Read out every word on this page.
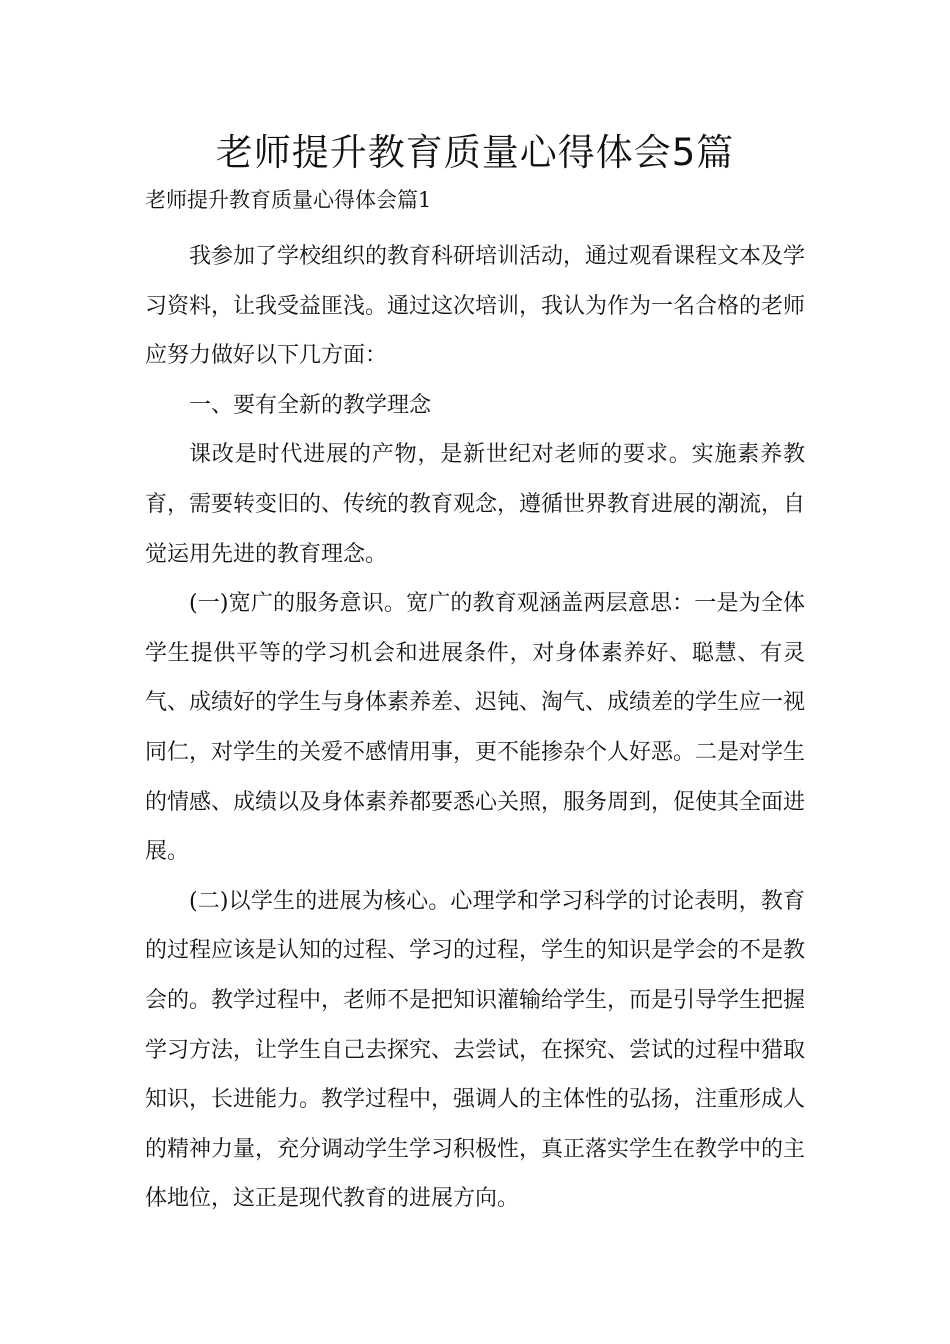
老师提升教育质量心得体会5篇

老师提升教育质量心得体会篇1

我参加了学校组织的教育科研培训活动，通过观看课程文本及学习资料，让我受益匪浅。通过这次培训，我认为作为一名合格的老师应努力做好以下几方面：

一、要有全新的教学理念

课改是时代进展的产物，是新世纪对老师的要求。实施素养教育，需要转变旧的、传统的教育观念，遵循世界教育进展的潮流，自觉运用先进的教育理念。

(一)宽广的服务意识。宽广的教育观涵盖两层意思：一是为全体学生提供平等的学习机会和进展条件，对身体素养好、聪慧、有灵气、成绩好的学生与身体素养差、迟钝、淘气、成绩差的学生应一视同仁，对学生的关爱不感情用事，更不能掺杂个人好恶。二是对学生的情感、成绩以及身体素养都要悉心关照，服务周到，促使其全面进展。

(二)以学生的进展为核心。心理学和学习科学的讨论表明，教育的过程应该是认知的过程、学习的过程，学生的知识是学会的不是教会的。教学过程中，老师不是把知识灌输给学生，而是引导学生把握学习方法，让学生自己去探究、去尝试，在探究、尝试的过程中猎取知识，长进能力。教学过程中，强调人的主体性的弘扬，注重形成人的精神力量，充分调动学生学习积极性，真正落实学生在教学中的主体地位，这正是现代教育的进展方向。
